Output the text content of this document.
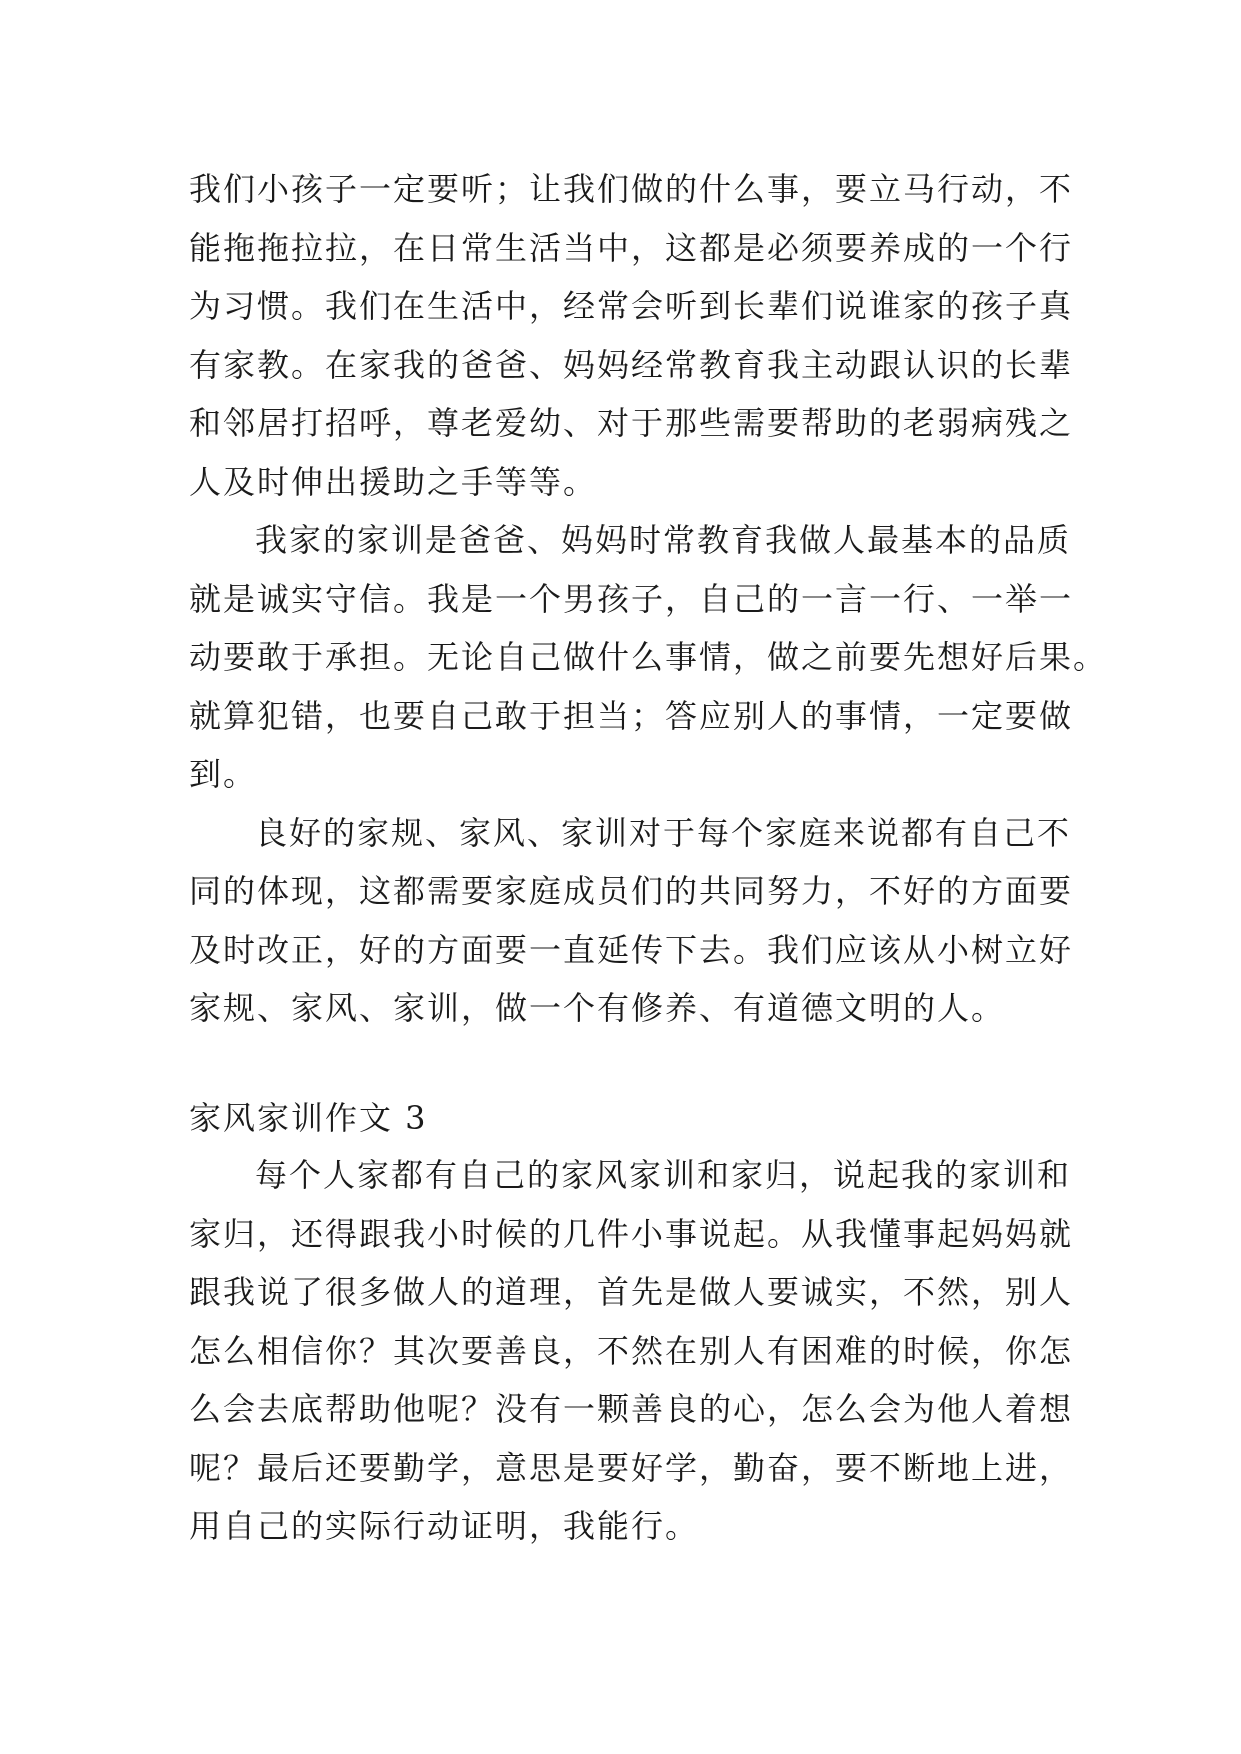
我们小孩子一定要听；让我们做的什么事，要立马行动，不
能拖拖拉拉，在日常生活当中，这都是必须要养成的一个行
为习惯。我们在生活中，经常会听到长辈们说谁家的孩子真
有家教。在家我的爸爸、妈妈经常教育我主动跟认识的长辈
和邻居打招呼，尊老爱幼、对于那些需要帮助的老弱病残之
人及时伸出援助之手等等。
我家的家训是爸爸、妈妈时常教育我做人最基本的品质
就是诚实守信。我是一个男孩子，自己的一言一行、一举一
动要敢于承担。无论自己做什么事情，做之前要先想好后果。
就算犯错，也要自己敢于担当；答应别人的事情，一定要做
到。
良好的家规、家风、家训对于每个家庭来说都有自己不
同的体现，这都需要家庭成员们的共同努力，不好的方面要
及时改正，好的方面要一直延传下去。我们应该从小树立好
家规、家风、家训，做一个有修养、有道德文明的人。
家风家训作文 3
每个人家都有自己的家风家训和家归，说起我的家训和
家归，还得跟我小时候的几件小事说起。从我懂事起妈妈就
跟我说了很多做人的道理，首先是做人要诚实，不然，别人
怎么相信你？其次要善良，不然在别人有困难的时候，你怎
么会去底帮助他呢？没有一颗善良的心，怎么会为他人着想
呢？最后还要勤学，意思是要好学，勤奋，要不断地上进，
用自己的实际行动证明，我能行。
